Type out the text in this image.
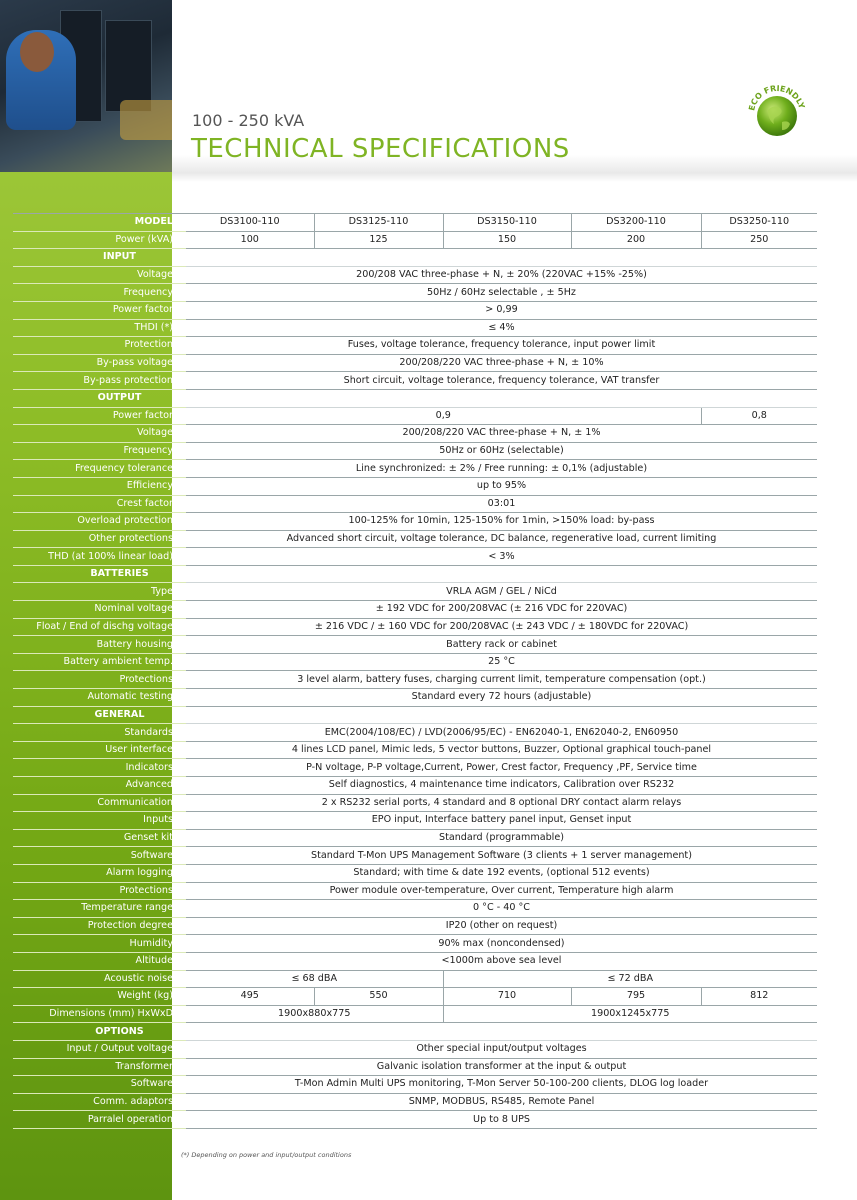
100 - 250 kVA
TECHNICAL SPECIFICATIONS
ECO FRIENDLY
MODEL	DS3100-110	DS3125-110	DS3150-110	DS3200-110	DS3250-110
Power (kVA)	100	125	150	200	250
INPUT					
Voltage	200/208 VAC three-phase + N, ± 20% (220VAC +15% -25%)				
Frequency	50Hz / 60Hz selectable , ± 5Hz				
Power factor	> 0,99				
THDI (*)	≤ 4%				
Protection	Fuses, voltage tolerance, frequency tolerance, input power limit				
By-pass voltage	200/208/220 VAC three-phase + N, ± 10%				
By-pass protection	Short circuit, voltage tolerance, frequency tolerance, VAT transfer				
OUTPUT					
Power factor	0,9				0,8
Voltage	200/208/220 VAC three-phase + N, ± 1%				
Frequency	50Hz or 60Hz (selectable)				
Frequency tolerance	Line synchronized: ± 2% / Free running: ± 0,1% (adjustable)				
Efficiency	up to 95%				
Crest factor	03:01				
Overload protection	100-125% for 10min, 125-150% for 1min, >150% load: by-pass				
Other protections	Advanced short circuit, voltage tolerance, DC balance, regenerative load, current limiting				
THD (at 100% linear load)	< 3%				
BATTERIES					
Type	VRLA AGM / GEL / NiCd				
Nominal voltage	± 192 VDC for 200/208VAC (± 216 VDC for 220VAC)				
Float / End of dischg voltage	± 216 VDC / ± 160 VDC for 200/208VAC (± 243 VDC / ± 180VDC for 220VAC)				
Battery housing	Battery rack or cabinet				
Battery ambient temp.	25 °C				
Protections	3 level alarm, battery fuses, charging current limit, temperature compensation (opt.)				
Automatic testing	Standard every 72 hours (adjustable)				
GENERAL					
Standards	EMC(2004/108/EC) / LVD(2006/95/EC) - EN62040-1, EN62040-2, EN60950				
User interface	4 lines LCD panel, Mimic leds, 5 vector buttons, Buzzer, Optional graphical touch-panel				
Indicators	P-N voltage, P-P voltage,Current, Power, Crest factor, Frequency ,PF, Service time				
Advanced	Self diagnostics, 4 maintenance time indicators, Calibration over RS232				
Communication	2 x RS232 serial ports, 4 standard and 8 optional DRY contact alarm relays				
Inputs	EPO input, Interface battery panel input, Genset input				
Genset kit	Standard (programmable)				
Software	Standard T-Mon UPS Management Software (3 clients + 1 server management)				
Alarm logging	Standard; with time & date 192 events, (optional 512 events)				
Protections	Power module over-temperature, Over current, Temperature high alarm				
Temperature range	0 °C - 40 °C				
Protection degree	IP20 (other on request)				
Humidity	90% max (noncondensed)				
Altitude	<1000m above sea level				
Acoustic noise	≤ 68 dBA		≤ 72 dBA		
Weight (kg)	495	550	710	795	812
Dimensions (mm) HxWxD	1900x880x775		1900x1245x775		
OPTIONS					
Input / Output voltage	Other special input/output voltages				
Transformer	Galvanic isolation transformer at the input & output				
Software	T-Mon Admin Multi UPS monitoring, T-Mon Server 50-100-200 clients, DLOG log loader				
Comm. adaptors	SNMP, MODBUS, RS485, Remote Panel				
Parralel operation	Up to 8 UPS				
(*) Depending on power and input/output conditions
